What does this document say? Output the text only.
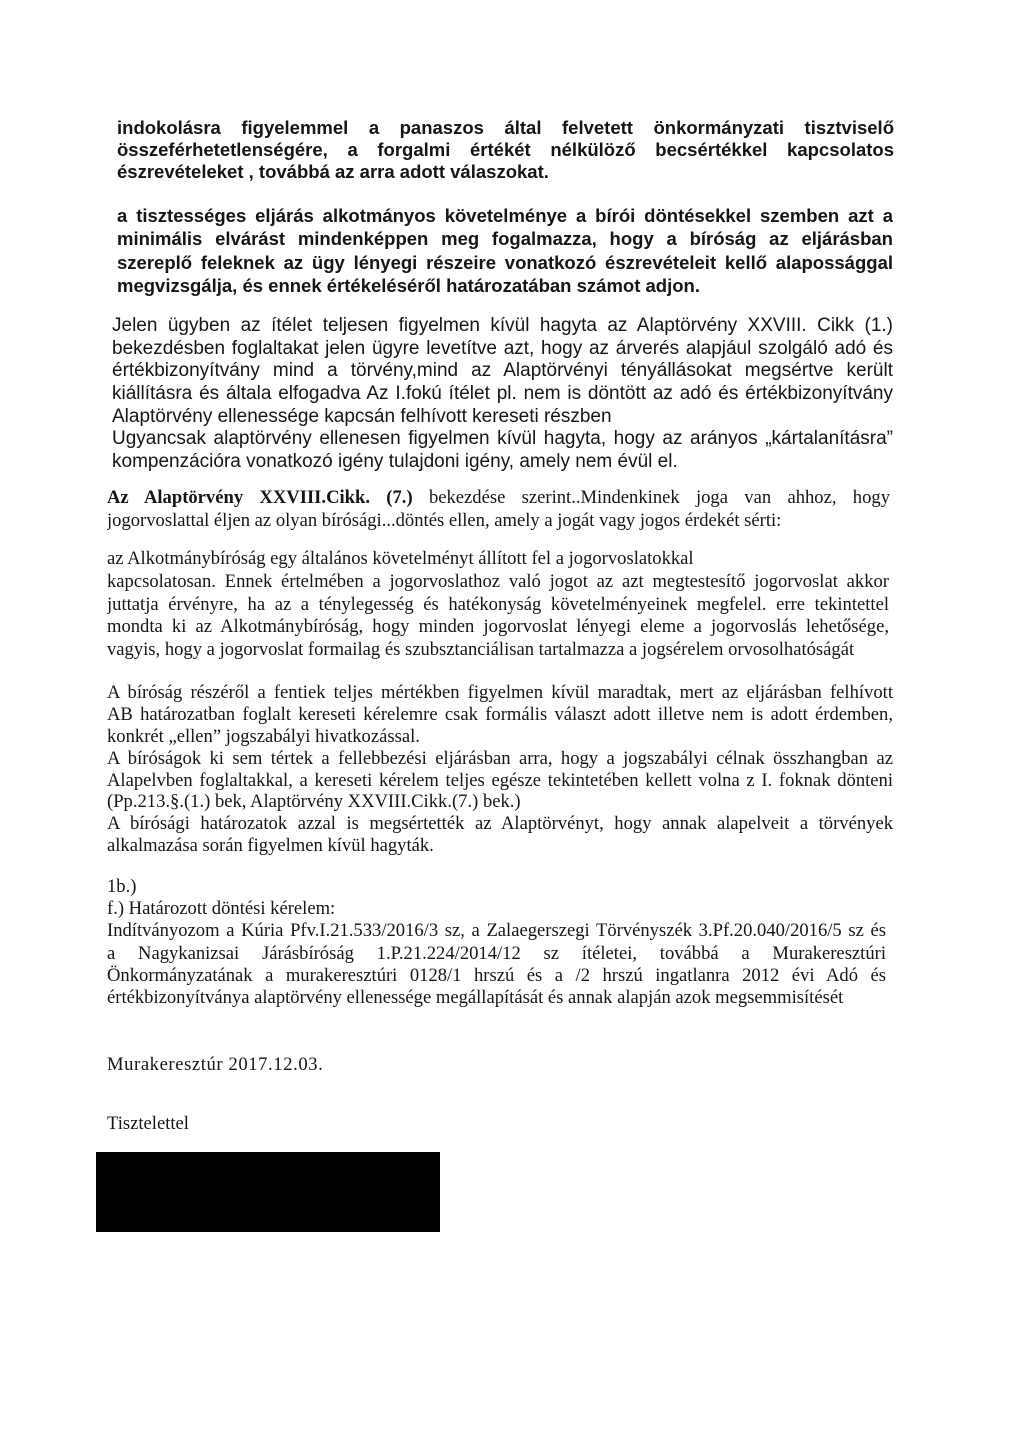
indokolásra figyelemmel a panaszos által felvetett önkormányzati tisztviselő
összeférhetetlenségére, a forgalmi értékét nélkülöző becsértékkel kapcsolatos
észrevételeket , továbbá az arra adott válaszokat.
a tisztességes eljárás alkotmányos követelménye a bírói döntésekkel szemben azt a
minimális elvárást mindenképpen meg fogalmazza, hogy a bíróság az eljárásban
szereplő feleknek az ügy lényegi részeire vonatkozó észrevételeit kellő alapossággal
megvizsgálja, és ennek értékeléséről határozatában számot adjon.
Jelen ügyben az ítélet teljesen figyelmen kívül hagyta az Alaptörvény XXVIII. Cikk (1.)
bekezdésben foglaltakat jelen ügyre levetítve azt, hogy az árverés alapjául szolgáló adó és
értékbizonyítvány mind a törvény,mind az Alaptörvényi tényállásokat megsértve került
kiállításra és általa elfogadva Az I.fokú ítélet pl. nem is döntött az adó és értékbizonyítvány
Alaptörvény ellenessége kapcsán felhívott kereseti részben
Ugyancsak alaptörvény ellenesen figyelmen kívül hagyta, hogy az arányos „kártalanításra”
kompenzációra vonatkozó igény tulajdoni igény, amely nem évül el.
Az Alaptörvény XXVIII.Cikk. (7.) bekezdése szerint..Mindenkinek joga van ahhoz, hogy
jogorvoslattal éljen az olyan bírósági...döntés ellen, amely a jogát vagy jogos érdekét sérti:
az Alkotmánybíróság egy általános követelményt állított fel a jogorvoslatokkal
kapcsolatosan. Ennek értelmében a jogorvoslathoz való jogot az azt megtestesítő jogorvoslat akkor
juttatja érvényre, ha az a ténylegesség és hatékonyság követelményeinek megfelel. erre tekintettel
mondta ki az Alkotmánybíróság, hogy minden jogorvoslat lényegi eleme a jogorvoslás lehetősége,
vagyis, hogy a jogorvoslat formailag és szubsztanciálisan tartalmazza a jogsérelem orvosolhatóságát
A bíróság részéről a fentiek teljes mértékben figyelmen kívül maradtak, mert az eljárásban felhívott
AB határozatban foglalt kereseti kérelemre csak formális választ adott illetve nem is adott érdemben,
konkrét „ellen” jogszabályi hivatkozással.
A bíróságok ki sem tértek a fellebbezési eljárásban arra, hogy a jogszabályi célnak összhangban az
Alapelvben foglaltakkal, a kereseti kérelem teljes egésze tekintetében kellett volna z I. foknak dönteni
(Pp.213.§.(1.) bek, Alaptörvény XXVIII.Cikk.(7.) bek.)
A bírósági határozatok azzal is megsértették az Alaptörvényt, hogy annak alapelveit a törvények
alkalmazása során figyelmen kívül hagyták.
1b.)
f.) Határozott döntési kérelem:
Indítványozom a Kúria Pfv.I.21.533/2016/3 sz, a Zalaegerszegi Törvényszék 3.Pf.20.040/2016/5 sz és
a Nagykanizsai Járásbíróság 1.P.21.224/2014/12 sz ítéletei, továbbá a Murakeresztúri
Önkormányzatának a murakeresztúri 0128/1 hrszú és a /2 hrszú ingatlanra 2012 évi Adó és
értékbizonyítványa alaptörvény ellenessége megállapítását és annak alapján azok megsemmisítését
Murakeresztúr 2017.12.03.
Tisztelettel
